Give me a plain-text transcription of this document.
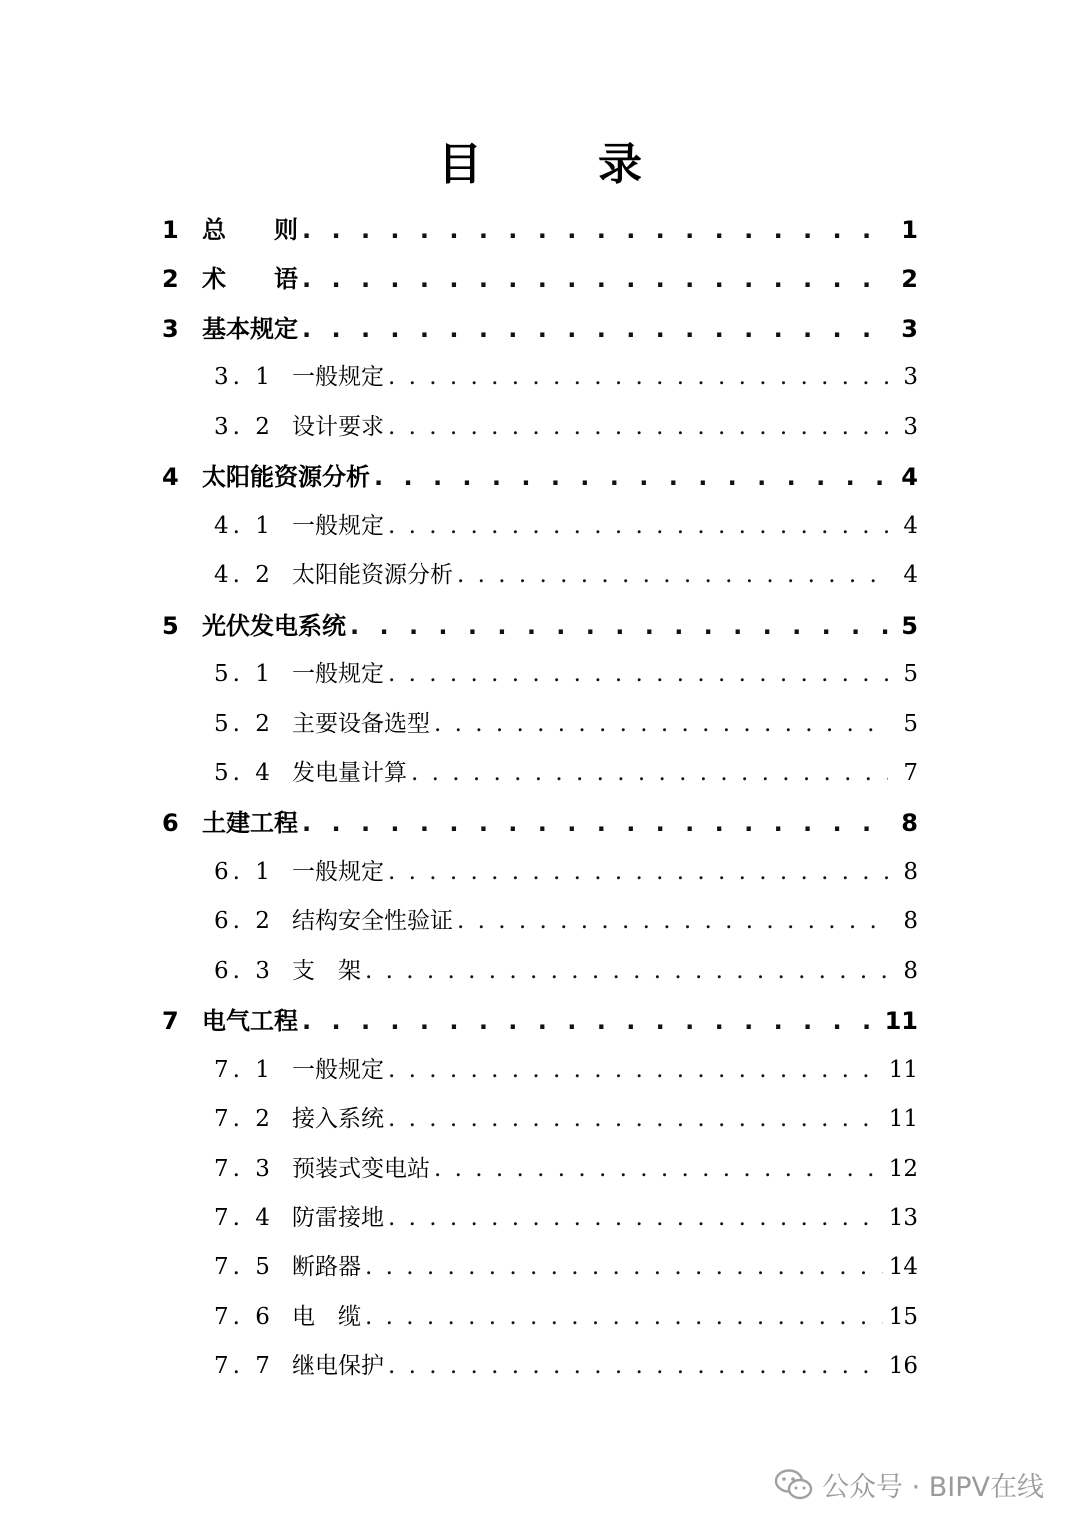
目　录
1 总　　则 . . .	1
2 术　　语 . . .	2
3 基本规定 . . .	3
3. 1 一般规定 . . .	3
3. 2 设计要求 . . .	3
4 太阳能资源分析 . . .	4
4. 1 一般规定 . . .	4
4. 2 太阳能资源分析 . . .	4
5 光伏发电系统 . . .	5
5. 1 一般规定 . . .	5
5. 2 主要设备选型 . . .	5
5. 4 发电量计算 . . .	7
6 土建工程 . . .	8
6. 1 一般规定 . . .	8
6. 2 结构安全性验证 . . .	8
6. 3 支　架 . . .	8
7 电气工程 . . .	11
7. 1 一般规定 . . .	11
7. 2 接入系统 . . .	11
7. 3 预装式变电站 . . .	12
7. 4 防雷接地 . . .	13
7. 5 断路器 . . .	14
7. 6 电　缆 . . .	15
7. 7 继电保护 . . .	16
公众号 · BIPV在线
